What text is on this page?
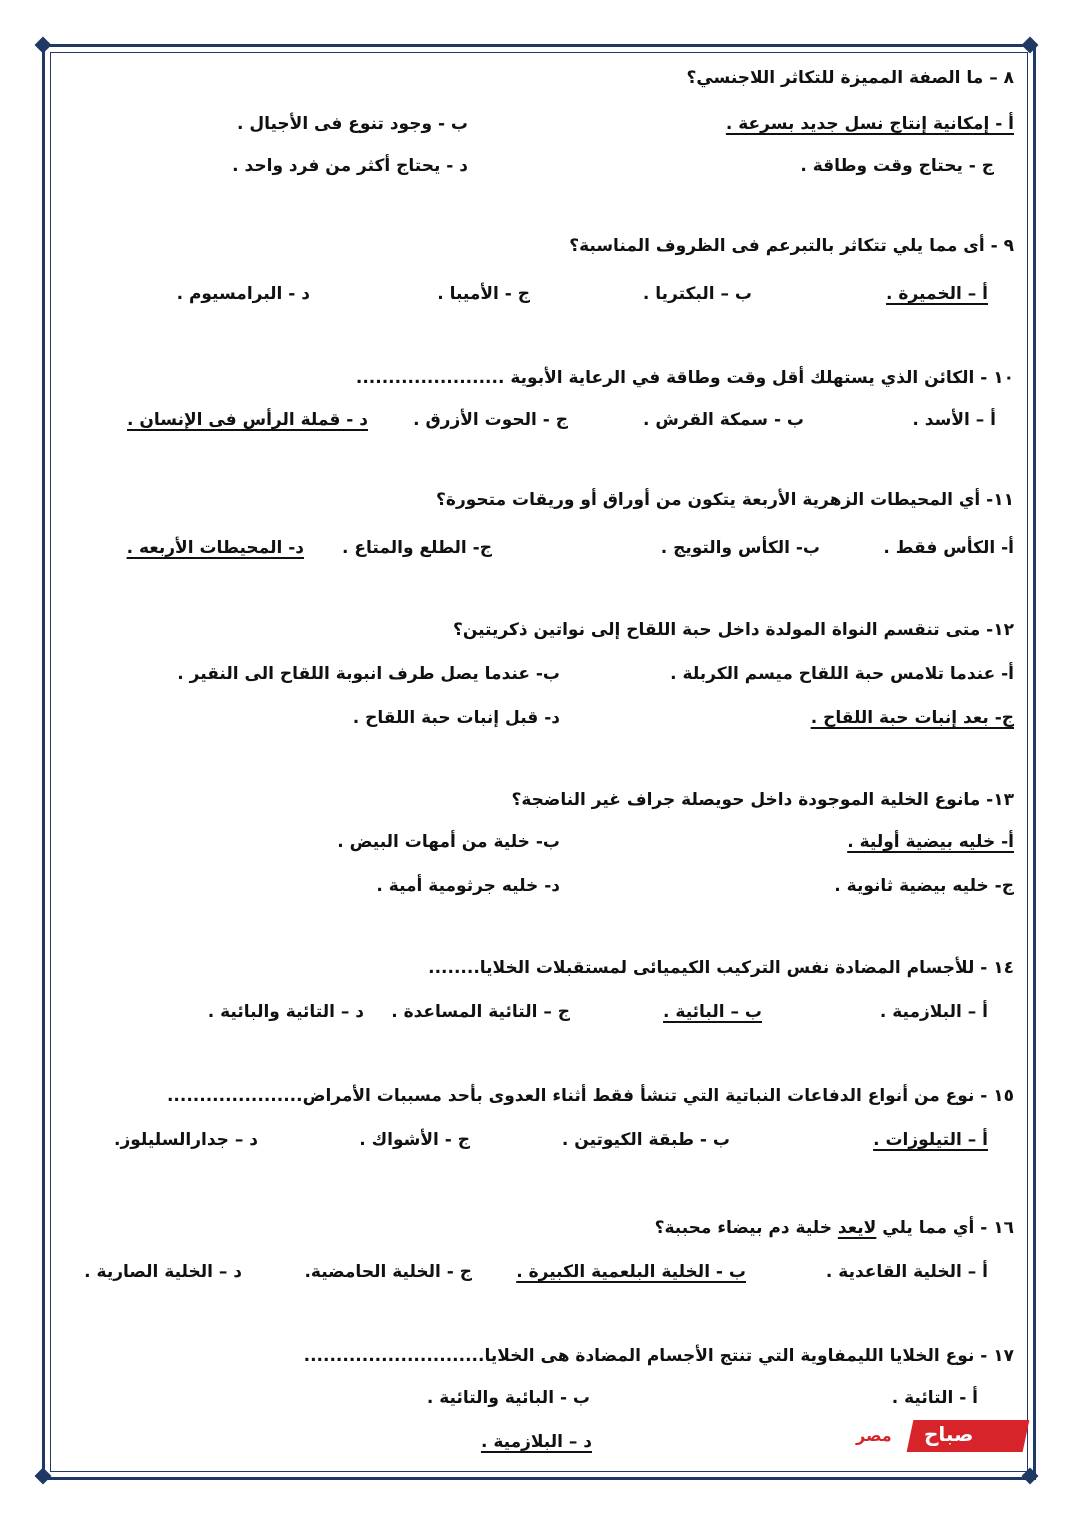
٨ – ما الصفة المميزة للتكاثر اللاجنسي؟
أ - إمكانية إنتاج نسل جديد بسرعة .
ب - وجود تنوع فى الأجيال .
ج - يحتاج وقت وطاقة .
د - يحتاج أكثر من فرد واحد .
٩ - أى مما يلي تتكاثر بالتبرعم فى الظروف المناسبة؟
أ – الخميرة .
ب – البكتريا .
ج - الأميبا .
د - البرامسيوم .
١٠ - الكائن الذي يستهلك أقل وقت وطاقة في الرعاية الأبوية .......................
أ – الأسد .
ب - سمكة القرش .
ج - الحوت الأزرق .
د - قملة الرأس فى الإنسان .
١١- أي المحيطات الزهرية الأربعة يتكون من أوراق أو وريقات متحورة؟
أ- الكأس فقط .
ب- الكأس والتويج .
ج- الطلع والمتاع .
د- المحيطات الأربعه .
١٢- متى تنقسم النواة المولدة داخل حبة اللقاح إلى نواتين ذكريتين؟
أ- عندما تلامس حبة اللقاح ميسم الكربلة .
ب- عندما يصل طرف انبوبة اللقاح الى النقير .
ج- بعد إنبات حبة اللقاح .
د- قبل إنبات حبة اللقاح .
١٣- مانوع الخلية الموجودة داخل حويصلة جراف غير الناضجة؟
أ- خليه بيضية أولية .
ب- خلية من أمهات البيض .
ج- خليه بيضية ثانوية .
د- خليه جرثومية أمية .
١٤ - للأجسام المضادة نفس التركيب الكيميائى لمستقبلات الخلايا........
أ – البلازمية .
ب – البائية .
ج – التائية المساعدة .
د – التائية والبائية .
١٥ - نوع من أنواع الدفاعات النباتية التي تنشأ فقط أثناء العدوى بأحد مسببات الأمراض.....................
أ – التيلوزات .
ب - طبقة الكيوتين .
ج - الأشواك .
د – جدارالسليلوز.
١٦ - أي مما يلي لايعد خلية دم بيضاء محببة؟
أ – الخلية القاعدية .
ب - الخلية البلعمية الكبيرة .
ج - الخلية الحامضية.
د – الخلية الصارية .
١٧ - نوع الخلايا الليمفاوية التي تنتج الأجسام المضادة هى الخلايا............................
أ - التائية .
ب - البائية والتائية .
د – البلازمية .	صباح
مصر
